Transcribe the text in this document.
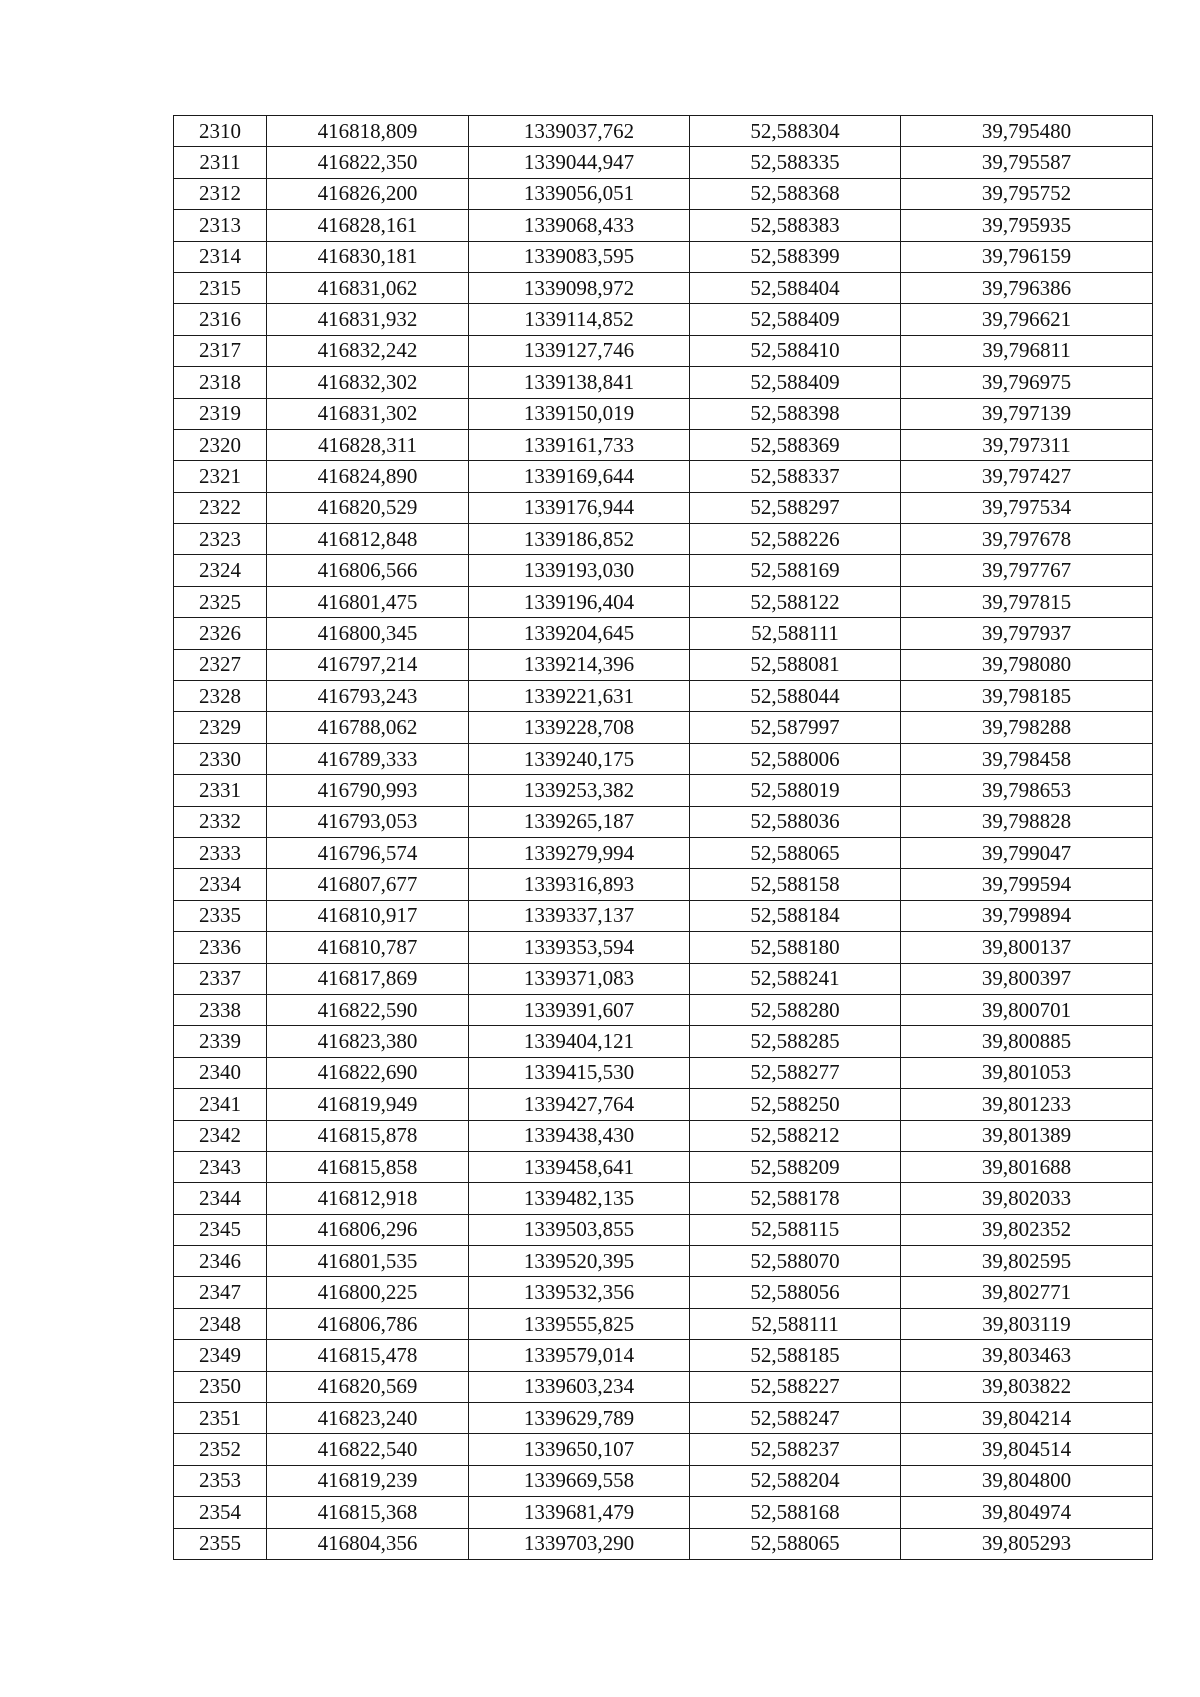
2310	416818,809	1339037,762	52,588304	39,795480
2311	416822,350	1339044,947	52,588335	39,795587
2312	416826,200	1339056,051	52,588368	39,795752
2313	416828,161	1339068,433	52,588383	39,795935
2314	416830,181	1339083,595	52,588399	39,796159
2315	416831,062	1339098,972	52,588404	39,796386
2316	416831,932	1339114,852	52,588409	39,796621
2317	416832,242	1339127,746	52,588410	39,796811
2318	416832,302	1339138,841	52,588409	39,796975
2319	416831,302	1339150,019	52,588398	39,797139
2320	416828,311	1339161,733	52,588369	39,797311
2321	416824,890	1339169,644	52,588337	39,797427
2322	416820,529	1339176,944	52,588297	39,797534
2323	416812,848	1339186,852	52,588226	39,797678
2324	416806,566	1339193,030	52,588169	39,797767
2325	416801,475	1339196,404	52,588122	39,797815
2326	416800,345	1339204,645	52,588111	39,797937
2327	416797,214	1339214,396	52,588081	39,798080
2328	416793,243	1339221,631	52,588044	39,798185
2329	416788,062	1339228,708	52,587997	39,798288
2330	416789,333	1339240,175	52,588006	39,798458
2331	416790,993	1339253,382	52,588019	39,798653
2332	416793,053	1339265,187	52,588036	39,798828
2333	416796,574	1339279,994	52,588065	39,799047
2334	416807,677	1339316,893	52,588158	39,799594
2335	416810,917	1339337,137	52,588184	39,799894
2336	416810,787	1339353,594	52,588180	39,800137
2337	416817,869	1339371,083	52,588241	39,800397
2338	416822,590	1339391,607	52,588280	39,800701
2339	416823,380	1339404,121	52,588285	39,800885
2340	416822,690	1339415,530	52,588277	39,801053
2341	416819,949	1339427,764	52,588250	39,801233
2342	416815,878	1339438,430	52,588212	39,801389
2343	416815,858	1339458,641	52,588209	39,801688
2344	416812,918	1339482,135	52,588178	39,802033
2345	416806,296	1339503,855	52,588115	39,802352
2346	416801,535	1339520,395	52,588070	39,802595
2347	416800,225	1339532,356	52,588056	39,802771
2348	416806,786	1339555,825	52,588111	39,803119
2349	416815,478	1339579,014	52,588185	39,803463
2350	416820,569	1339603,234	52,588227	39,803822
2351	416823,240	1339629,789	52,588247	39,804214
2352	416822,540	1339650,107	52,588237	39,804514
2353	416819,239	1339669,558	52,588204	39,804800
2354	416815,368	1339681,479	52,588168	39,804974
2355	416804,356	1339703,290	52,588065	39,805293
